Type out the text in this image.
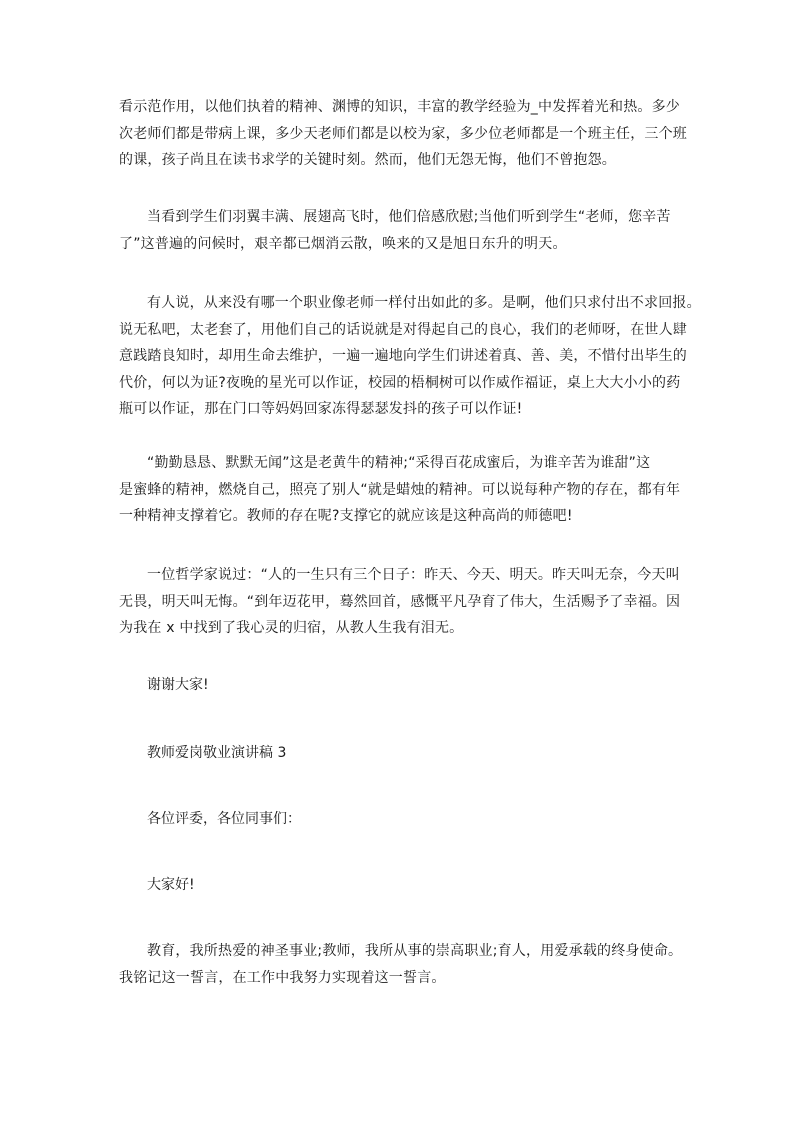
看示范作用，以他们执着的精神、渊博的知识，丰富的教学经验为_中发挥着光和热。多少
次老师们都是带病上课，多少天老师们都是以校为家，多少位老师都是一个班主任，三个班
的课，孩子尚且在读书求学的关键时刻。然而，他们无怨无悔，他们不曾抱怨。

当看到学生们羽翼丰满、展翅高飞时，他们倍感欣慰;当他们听到学生“老师，您辛苦
了”这普遍的问候时，艰辛都已烟消云散，唤来的又是旭日东升的明天。

有人说，从来没有哪一个职业像老师一样付出如此的多。是啊，他们只求付出不求回报。
说无私吧，太老套了，用他们自己的话说就是对得起自己的良心，我们的老师呀，在世人肆
意践踏良知时，却用生命去维护，一遍一遍地向学生们讲述着真、善、美，不惜付出毕生的
代价，何以为证?夜晚的星光可以作证，校园的梧桐树可以作威作福证，桌上大大小小的药
瓶可以作证，那在门口等妈妈回家冻得瑟瑟发抖的孩子可以作证!

“勤勤恳恳、默默无闻”这是老黄牛的精神;“采得百花成蜜后，为谁辛苦为谁甜”这
是蜜蜂的精神，燃烧自己，照亮了别人“就是蜡烛的精神。可以说每种产物的存在，都有年
一种精神支撑着它。教师的存在呢?支撑它的就应该是这种高尚的师德吧!

一位哲学家说过：“人的一生只有三个日子：昨天、今天、明天。昨天叫无奈，今天叫
无畏，明天叫无悔。“到年迈花甲，蓦然回首，感慨平凡孕育了伟大，生活赐予了幸福。因
为我在 x 中找到了我心灵的归宿，从教人生我有泪无。

谢谢大家!

教师爱岗敬业演讲稿 3

各位评委，各位同事们：

大家好!

教育，我所热爱的神圣事业;教师，我所从事的崇高职业;育人，用爱承载的终身使命。
我铭记这一誓言，在工作中我努力实现着这一誓言。
